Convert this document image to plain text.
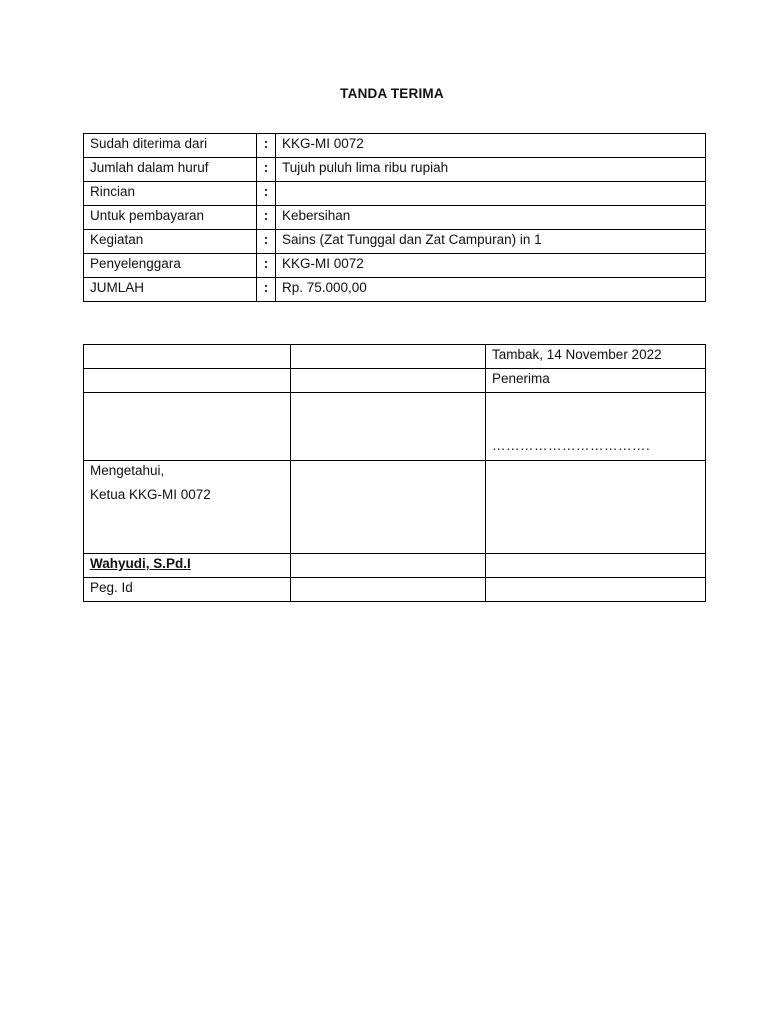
TANDA TERIMA
Sudah diterima dari	:	KKG-MI 0072
Jumlah dalam huruf	:	Tujuh puluh lima ribu rupiah
Rincian	:	
Untuk pembayaran	:	Kebersihan
Kegiatan	:	Sains (Zat Tunggal dan Zat Campuran) in 1
Penyelenggara	:	KKG-MI 0072
JUMLAH	:	Rp. 75.000,00
		Tambak, 14 November 2022
		Penerima

		…………………………….

Mengetahui,
Ketua KKG-MI 0072		

Wahyudi, S.Pd.I		
Peg. Id		
